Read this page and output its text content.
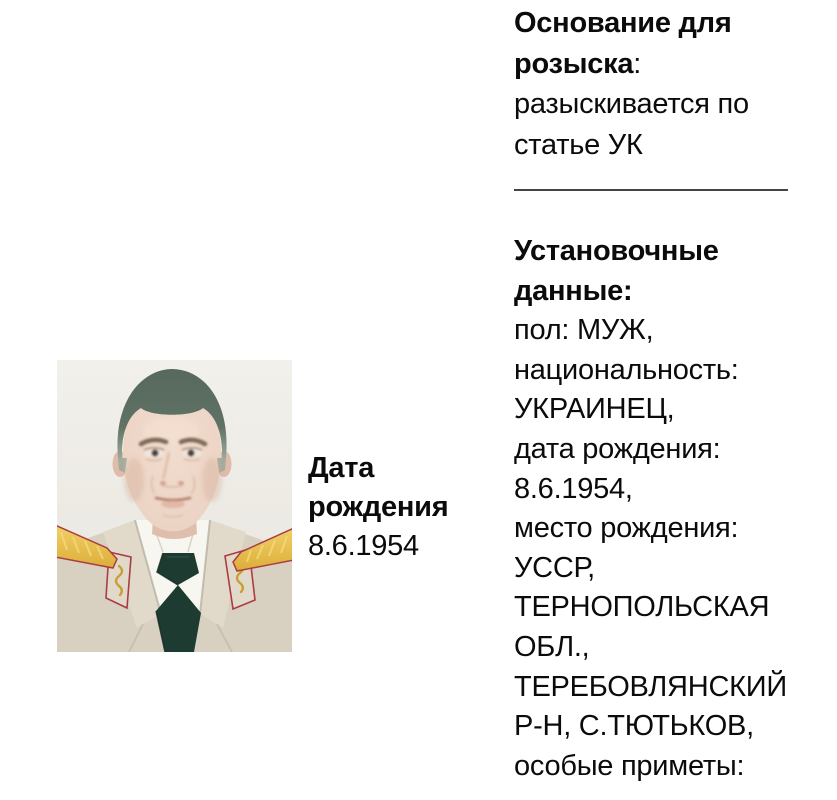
Дата
рождения
8.6.1954
Основание для
розыска:
разыскивается по
статье УК
Установочные
данные:
пол: МУЖ,
национальность:
УКРАИНЕЦ,
дата рождения:
8.6.1954,
место рождения:
УССР,
ТЕРНОПОЛЬСКАЯ
ОБЛ.,
ТЕРЕБОВЛЯНСКИЙ
Р-Н, С.ТЮТЬКОВ,
особые приметы:
